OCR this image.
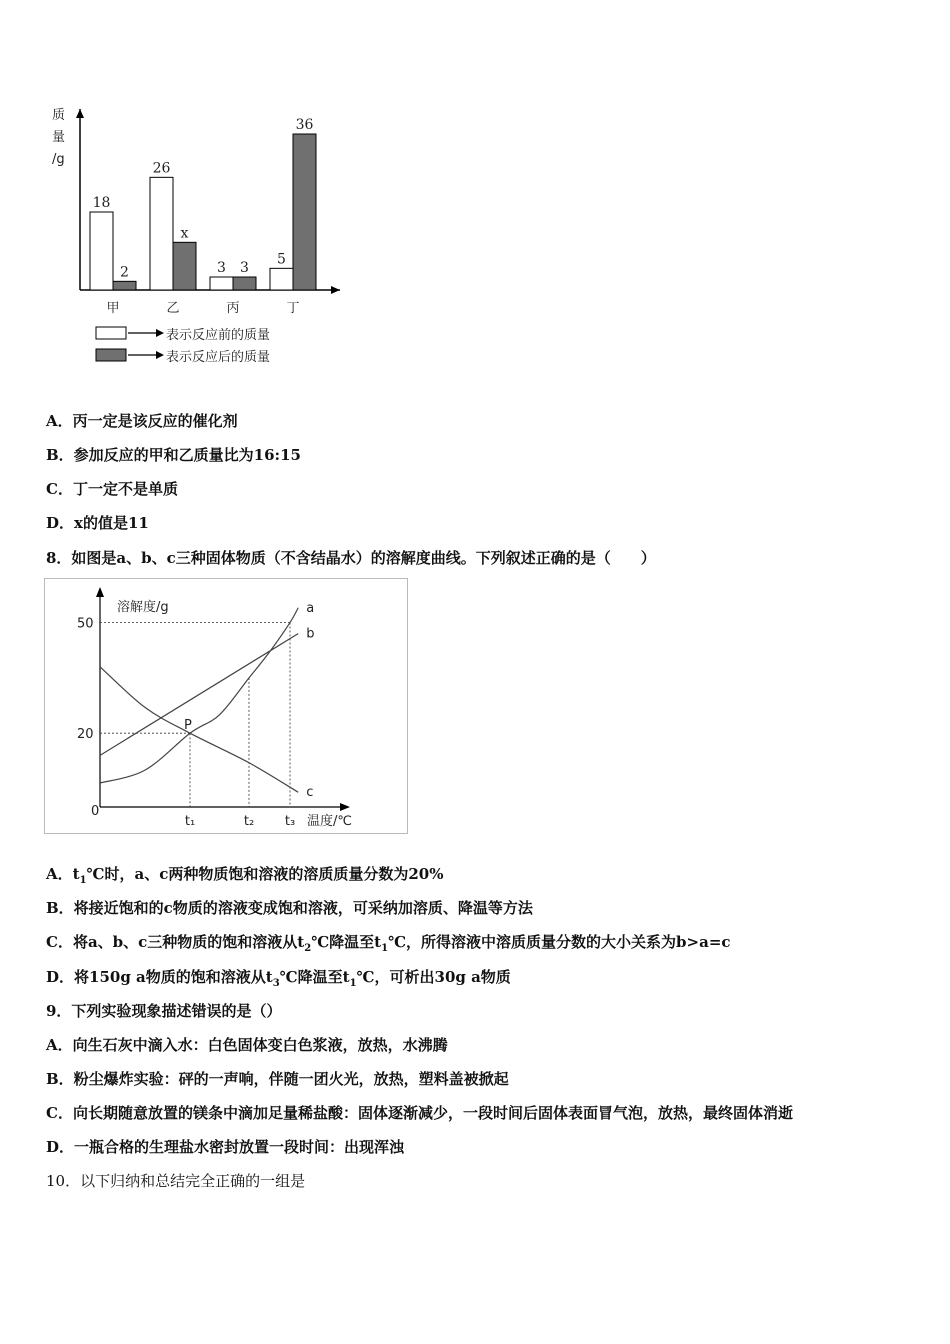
质
量
/g
18
2
甲
26
x
乙
3 3
丙
5
36
丁
表示反应前的质量
表示反应后的质量
A．丙一定是该反应的催化剂
B．参加反应的甲和乙质量比为16:15
C．丁一定不是单质
D．x的值是11
8．如图是a、b、c三种固体物质（不含结晶水）的溶解度曲线。下列叙述正确的是（　　）
溶解度/g
温度/℃
0
20
50
t₁	t₂ t₃
a
b
c
P
A．$t_1℃$时，a、c两种物质饱和溶液的溶质质量分数为20%
B．将接近饱和的c物质的溶液变成饱和溶液，可采纳加溶质、降温等方法
C．将a、b、c三种物质的饱和溶液从$t_2℃$降温至$t_1℃$，所得溶液中溶质质量分数的大小关系为b>a=c
D．将150g a物质的饱和溶液从$t_3℃$降温至$t_1℃$，可析出30g a物质
9．下列实验现象描述错误的是（）
A．向生石灰中滴入水：白色固体变白色浆液，放热，水沸腾
B．粉尘爆炸实验：砰的一声响，伴随一团火光，放热，塑料盖被掀起
C．向长期随意放置的镁条中滴加足量稀盐酸：固体逐渐减少，一段时间后固体表面冒气泡，放热，最终固体消逝
D．一瓶合格的生理盐水密封放置一段时间：出现浑浊
10．以下归纳和总结完全正确的一组是
